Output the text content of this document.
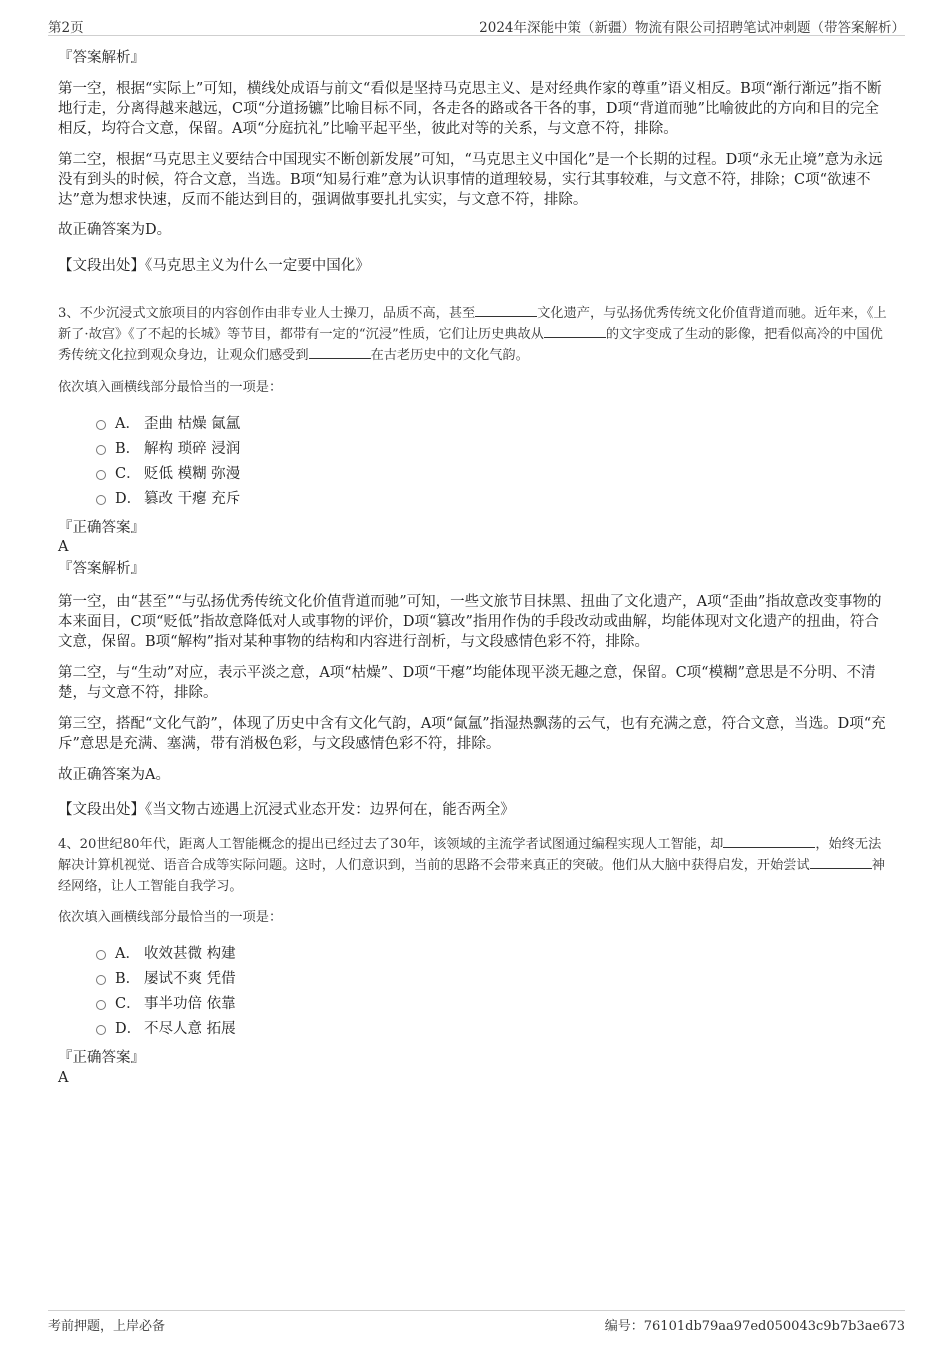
第2页	2024年深能中策（新疆）物流有限公司招聘笔试冲刺题（带答案解析）
『答案解析』
第一空，根据“实际上”可知，横线处成语与前文“看似是坚持马克思主义、是对经典作家的尊重”语义相反。B项“渐行渐远”指不断地行走，分离得越来越远，C项“分道扬镳”比喻目标不同，各走各的路或各干各的事，D项“背道而驰”比喻彼此的方向和目的完全相反，均符合文意，保留。A项“分庭抗礼”比喻平起平坐，彼此对等的关系，与文意不符，排除。
第二空，根据“马克思主义要结合中国现实不断创新发展”可知，“马克思主义中国化”是一个长期的过程。D项“永无止境”意为永远没有到头的时候，符合文意，当选。B项“知易行难”意为认识事情的道理较易，实行其事较难，与文意不符，排除；C项“欲速不达”意为想求快速，反而不能达到目的，强调做事要扎扎实实，与文意不符，排除。
故正确答案为D。
【文段出处】《马克思主义为什么一定要中国化》
3、不少沉浸式文旅项目的内容创作由非专业人士操刀，品质不高，甚至	文化遗产，与弘扬优秀传统文化价值背道而驰。近年来，《上新了·故宫》《了不起的长城》等节目，都带有一定的“沉浸”性质，它们让历史典故从	的文字变成了生动的影像，把看似高冷的中国优秀传统文化拉到观众身边，让观众们感受到	在古老历史中的文化气韵。
依次填入画横线部分最恰当的一项是：
A． 歪曲 枯燥 氤氲
B． 解构 琐碎 浸润
C． 贬低 模糊 弥漫
D． 篡改 干瘪 充斥
『正确答案』
A
『答案解析』
第一空，由“甚至”“与弘扬优秀传统文化价值背道而驰”可知，一些文旅节目抹黑、扭曲了文化遗产，A项“歪曲”指故意改变事物的本来面目，C项“贬低”指故意降低对人或事物的评价，D项“篡改”指用作伪的手段改动或曲解，均能体现对文化遗产的扭曲，符合文意，保留。B项“解构”指对某种事物的结构和内容进行剖析，与文段感情色彩不符，排除。
第二空，与“生动”对应，表示平淡之意，A项“枯燥”、D项“干瘪”均能体现平淡无趣之意，保留。C项“模糊”意思是不分明、不清楚，与文意不符，排除。
第三空，搭配“文化气韵”，体现了历史中含有文化气韵，A项“氤氲”指湿热飘荡的云气，也有充满之意，符合文意，当选。D项“充斥”意思是充满、塞满，带有消极色彩，与文段感情色彩不符，排除。
故正确答案为A。
【文段出处】《当文物古迹遇上沉浸式业态开发：边界何在，能否两全》
4、20世纪80年代，距离人工智能概念的提出已经过去了30年，该领域的主流学者试图通过编程实现人工智能，却	，始终无法解决计算机视觉、语音合成等实际问题。这时，人们意识到，当前的思路不会带来真正的突破。他们从大脑中获得启发，开始尝试	神经网络，让人工智能自我学习。
依次填入画横线部分最恰当的一项是：
A． 收效甚微 构建
B． 屡试不爽 凭借
C． 事半功倍 依靠
D． 不尽人意 拓展
『正确答案』
A
考前押题，上岸必备	编号：76101db79aa97ed050043c9b7b3ae673
